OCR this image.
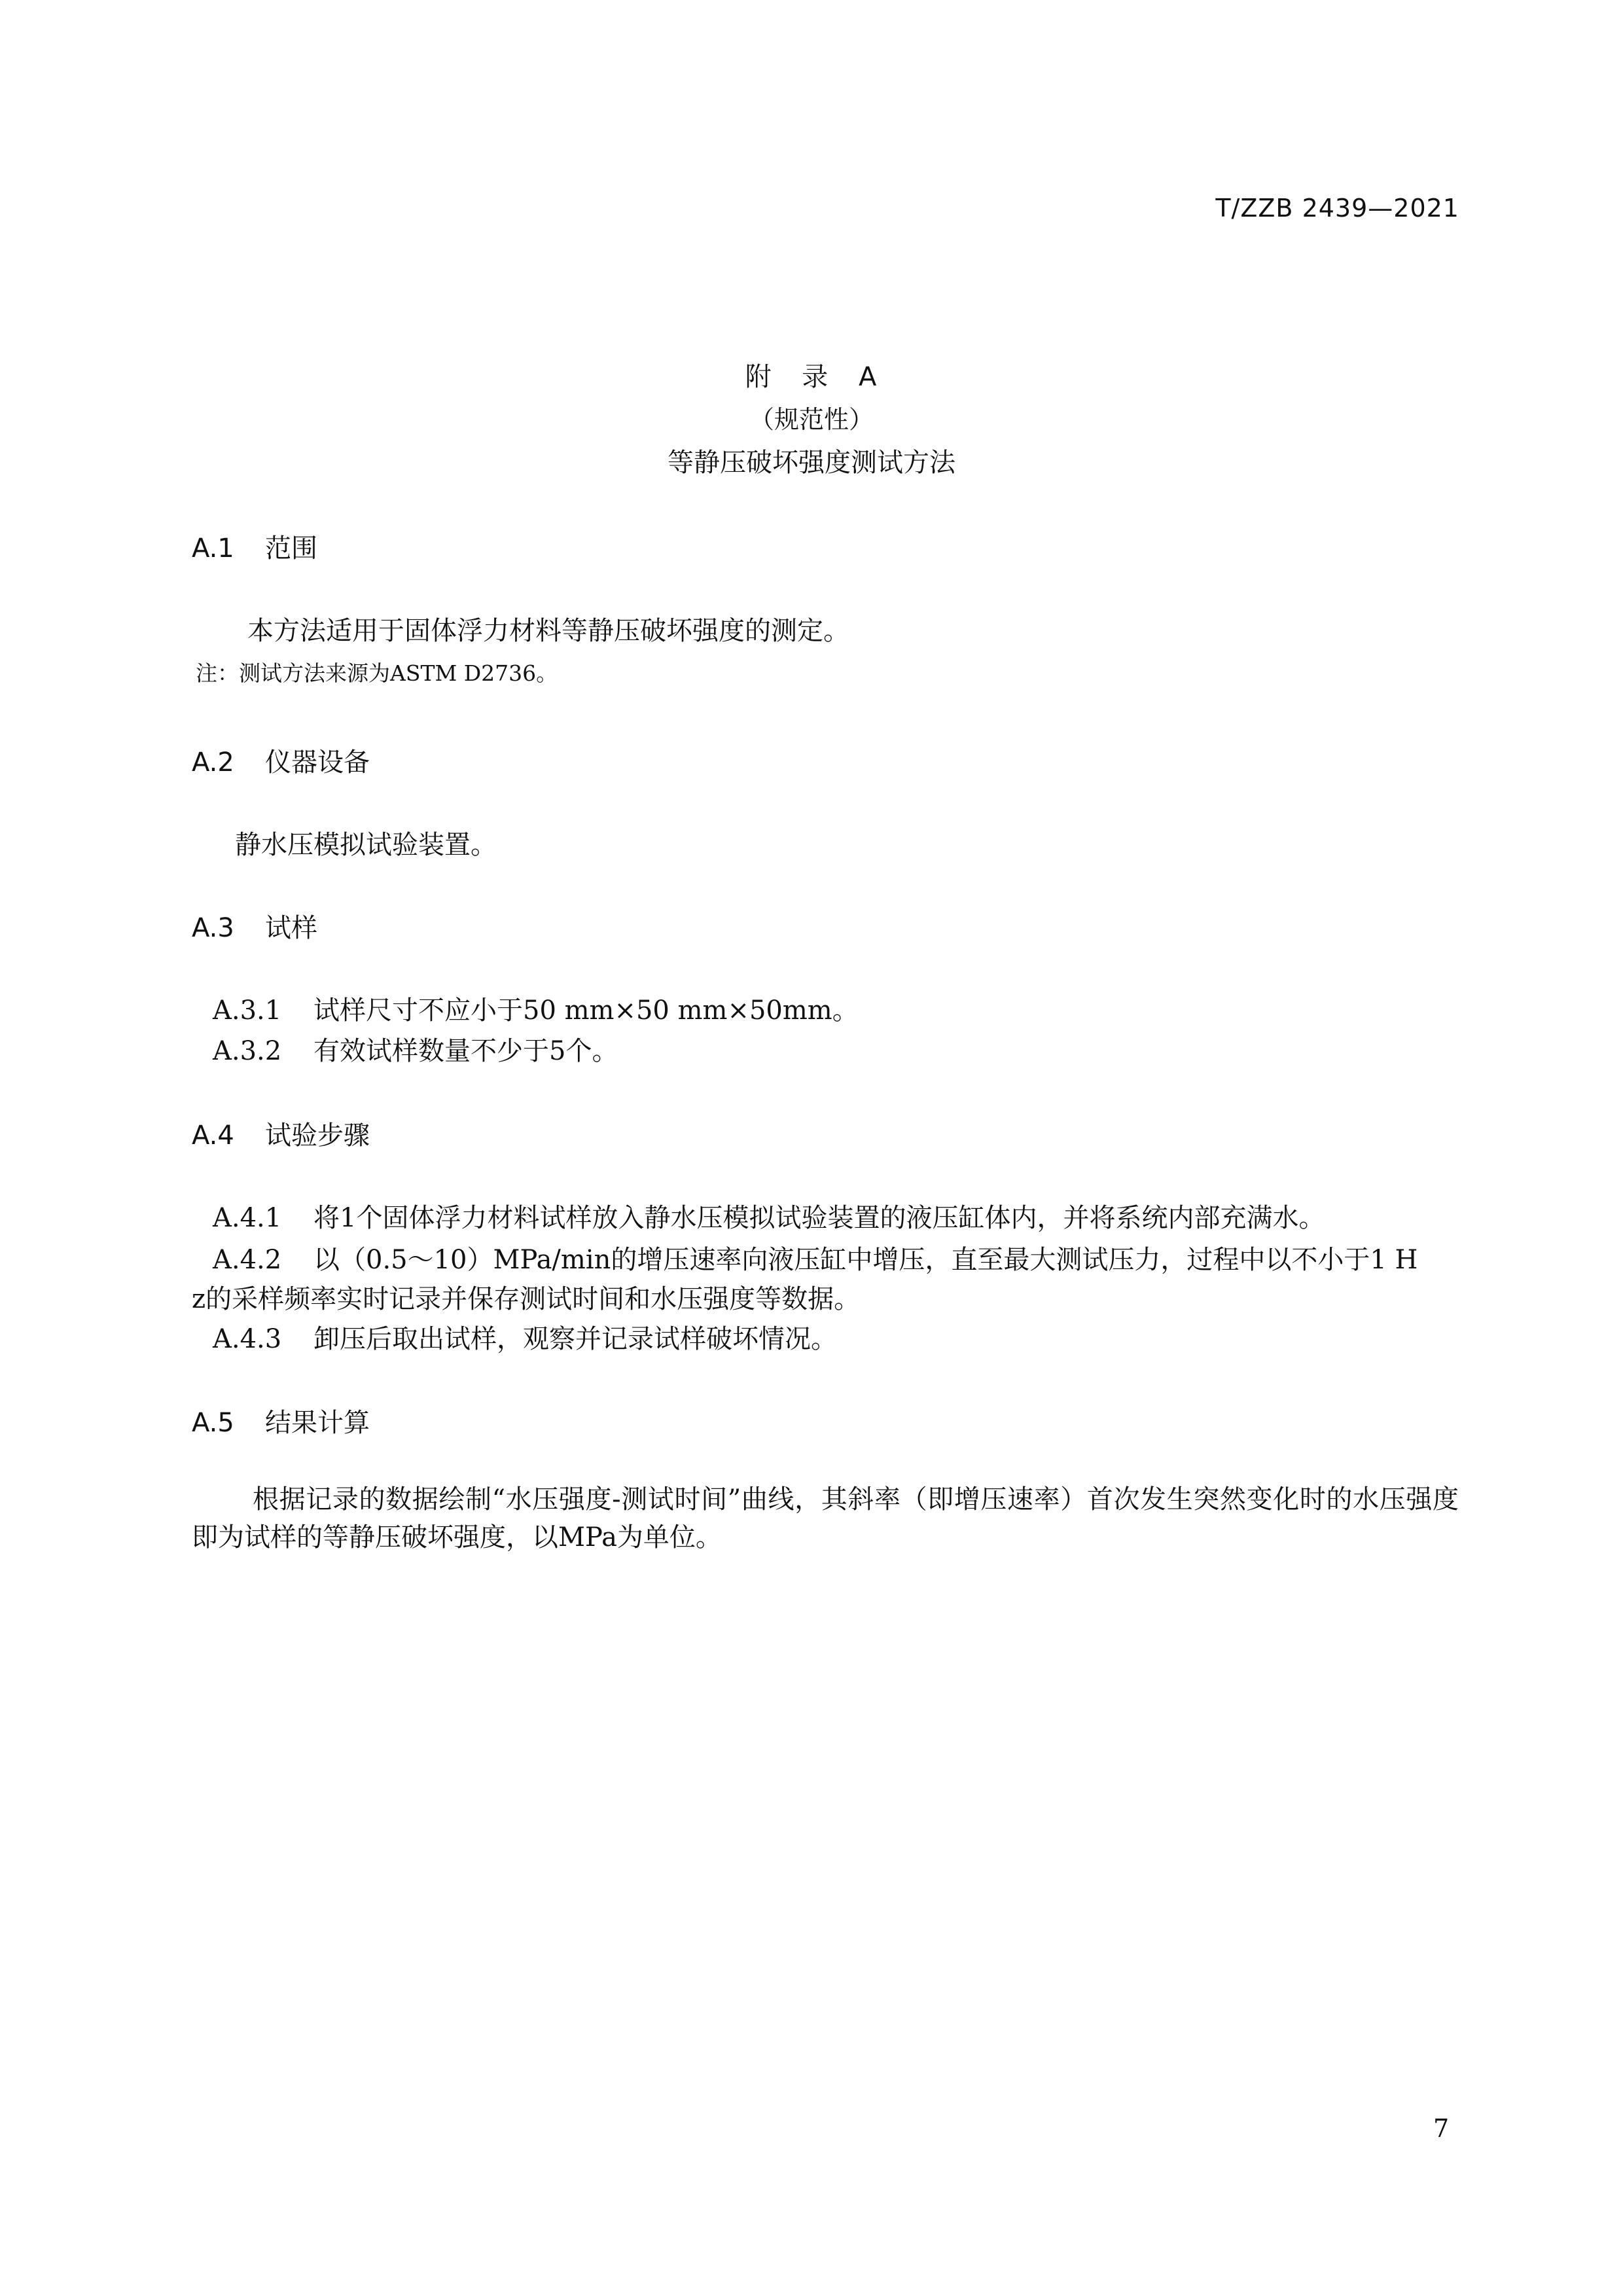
T/ZZB 2439—2021
附 录 A
（规范性）
等静压破坏强度测试方法
A.1 范围
本方法适用于固体浮力材料等静压破坏强度的测定。
注：测试方法来源为ASTM D2736。
A.2 仪器设备
静水压模拟试验装置。
A.3 试样
A.3.1 试样尺寸不应小于50 mm×50 mm×50mm。
A.3.2 有效试样数量不少于5个。
A.4 试验步骤
A.4.1 将1个固体浮力材料试样放入静水压模拟试验装置的液压缸体内，并将系统内部充满水。
A.4.2 以（0.5～10）MPa/min的增压速率向液压缸中增压，直至最大测试压力，过程中以不小于1 H
z的采样频率实时记录并保存测试时间和水压强度等数据。
A.4.3 卸压后取出试样，观察并记录试样破坏情况。
A.5 结果计算
根据记录的数据绘制“水压强度-测试时间”曲线，其斜率（即增压速率）首次发生突然变化时的水压强度即为试样的等静压破坏强度，以MPa为单位。
7
